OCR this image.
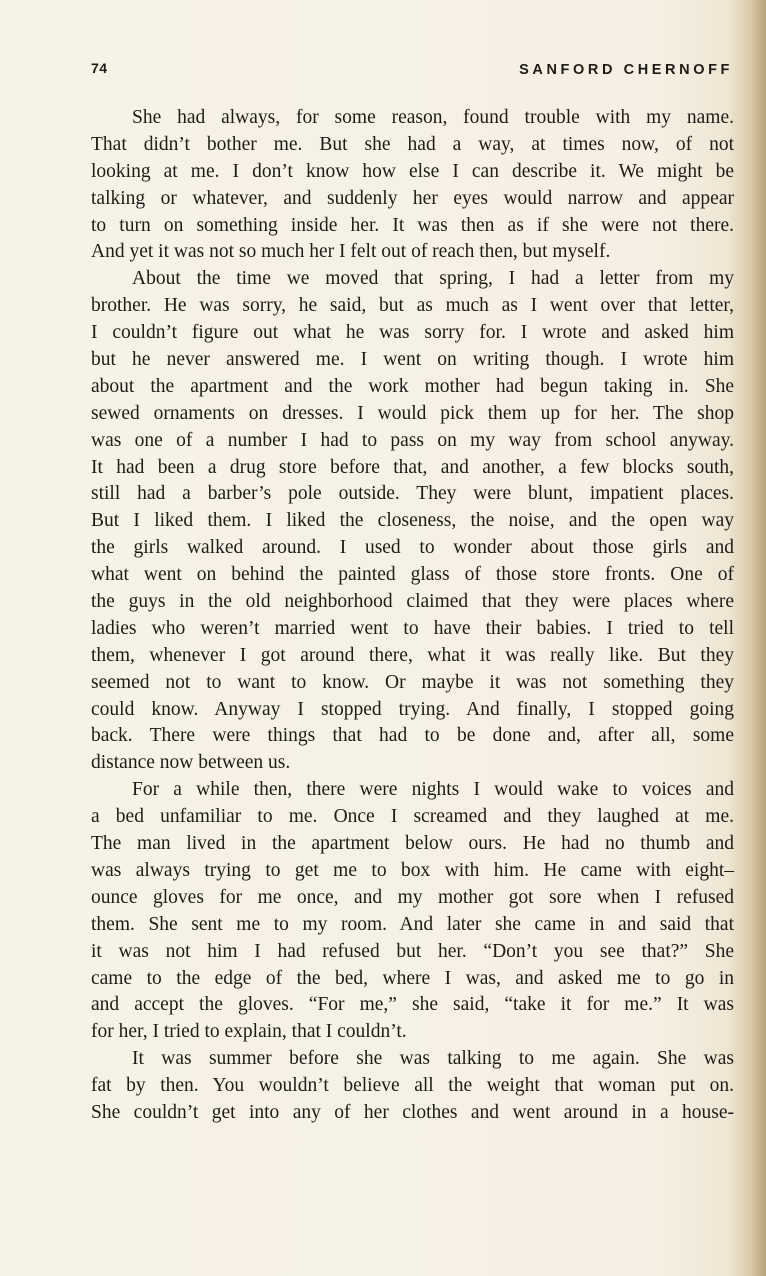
74	SANFORD CHERNOFF
She had always, for some reason, found trouble with my name.
That didn’t bother me. But she had a way, at times now, of not
looking at me. I don’t know how else I can describe it. We might be
talking or whatever, and suddenly her eyes would narrow and appear
to turn on something inside her. It was then as if she were not there.
And yet it was not so much her I felt out of reach then, but myself.
About the time we moved that spring, I had a letter from my
brother. He was sorry, he said, but as much as I went over that letter,
I couldn’t figure out what he was sorry for. I wrote and asked him
but he never answered me. I went on writing though. I wrote him
about the apartment and the work mother had begun taking in. She
sewed ornaments on dresses. I would pick them up for her. The shop
was one of a number I had to pass on my way from school anyway.
It had been a drug store before that, and another, a few blocks south,
still had a barber’s pole outside. They were blunt, impatient places.
But I liked them. I liked the closeness, the noise, and the open way
the girls walked around. I used to wonder about those girls and
what went on behind the painted glass of those store fronts. One of
the guys in the old neighborhood claimed that they were places where
ladies who weren’t married went to have their babies. I tried to tell
them, whenever I got around there, what it was really like. But they
seemed not to want to know. Or maybe it was not something they
could know. Anyway I stopped trying. And finally, I stopped going
back. There were things that had to be done and, after all, some
distance now between us.
For a while then, there were nights I would wake to voices and
a bed unfamiliar to me. Once I screamed and they laughed at me.
The man lived in the apartment below ours. He had no thumb and
was always trying to get me to box with him. He came with eight–
ounce gloves for me once, and my mother got sore when I refused
them. She sent me to my room. And later she came in and said that
it was not him I had refused but her. “Don’t you see that?” She
came to the edge of the bed, where I was, and asked me to go in
and accept the gloves. “For me,” she said, “take it for me.” It was
for her, I tried to explain, that I couldn’t.
It was summer before she was talking to me again. She was
fat by then. You wouldn’t believe all the weight that woman put on.
She couldn’t get into any of her clothes and went around in a house-
